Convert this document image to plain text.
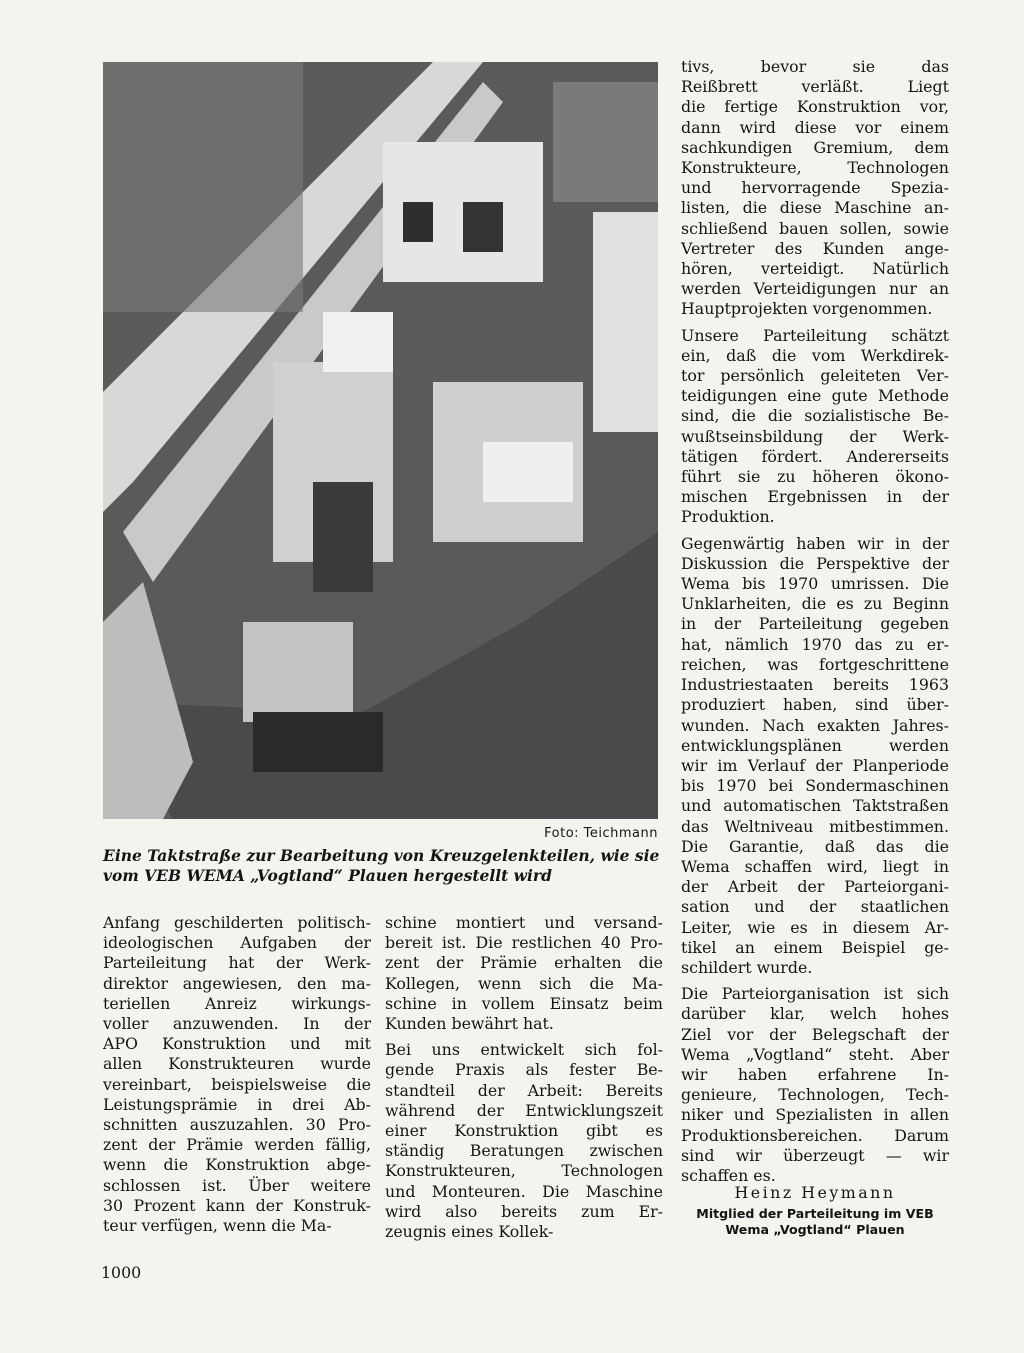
Foto: Teichmann
Eine Taktstraße zur Bearbeitung von Kreuzgelenkteilen, wie sie
vom VEB WEMA „Vogtland“ Plauen hergestellt wird
Anfang geschilderten politisch-
ideologischen Aufgaben der
Parteileitung hat der Werk-
direktor angewiesen, den ma-
teriellen Anreiz wirkungs-
voller anzuwenden. In der
APO Konstruktion und mit
allen Konstrukteuren wurde
vereinbart, beispielsweise die
Leistungsprämie in drei Ab-
schnitten auszuzahlen. 30 Pro-
zent der Prämie werden fällig,
wenn die Konstruktion abge-
schlossen ist. Über weitere
30 Prozent kann der Konstruk-
teur verfügen, wenn die Ma-
schine montiert und versand-
bereit ist. Die restlichen 40 Pro-
zent der Prämie erhalten die
Kollegen, wenn sich die Ma-
schine in vollem Einsatz beim
Kunden bewährt hat.
Bei uns entwickelt sich fol-
gende Praxis als fester Be-
standteil der Arbeit: Bereits
während der Entwicklungszeit
einer Konstruktion gibt es
ständig Beratungen zwischen
Konstrukteuren, Technologen
und Monteuren. Die Maschine
wird also bereits zum Er-
zeugnis eines Kollek-
tivs, bevor sie das
Reißbrett verläßt. Liegt
die fertige Konstruktion vor,
dann wird diese vor einem
sachkundigen Gremium, dem
Konstrukteure, Technologen
und hervorragende Spezia-
listen, die diese Maschine an-
schließend bauen sollen, sowie
Vertreter des Kunden ange-
hören, verteidigt. Natürlich
werden Verteidigungen nur an
Hauptprojekten vorgenommen.
Unsere Parteileitung schätzt
ein, daß die vom Werkdirek-
tor persönlich geleiteten Ver-
teidigungen eine gute Methode
sind, die die sozialistische Be-
wußtseinsbildung der Werk-
tätigen fördert. Andererseits
führt sie zu höheren ökono-
mischen Ergebnissen in der
Produktion.
Gegenwärtig haben wir in der
Diskussion die Perspektive der
Wema bis 1970 umrissen. Die
Unklarheiten, die es zu Beginn
in der Parteileitung gegeben
hat, nämlich 1970 das zu er-
reichen, was fortgeschrittene
Industriestaaten bereits 1963
produziert haben, sind über-
wunden. Nach exakten Jahres-
entwicklungsplänen werden
wir im Verlauf der Planperiode
bis 1970 bei Sondermaschinen
und automatischen Taktstraßen
das Weltniveau mitbestimmen.
Die Garantie, daß das die
Wema schaffen wird, liegt in
der Arbeit der Parteiorgani-
sation und der staatlichen
Leiter, wie es in diesem Ar-
tikel an einem Beispiel ge-
schildert wurde.
Die Parteiorganisation ist sich
darüber klar, welch hohes
Ziel vor der Belegschaft der
Wema „Vogtland“ steht. Aber
wir haben erfahrene In-
genieure, Technologen, Tech-
niker und Spezialisten in allen
Produktionsbereichen. Darum
sind wir überzeugt — wir
schaffen es.
Heinz Heymann
Mitglied der Parteileitung im VEB
Wema „Vogtland“ Plauen
1000
